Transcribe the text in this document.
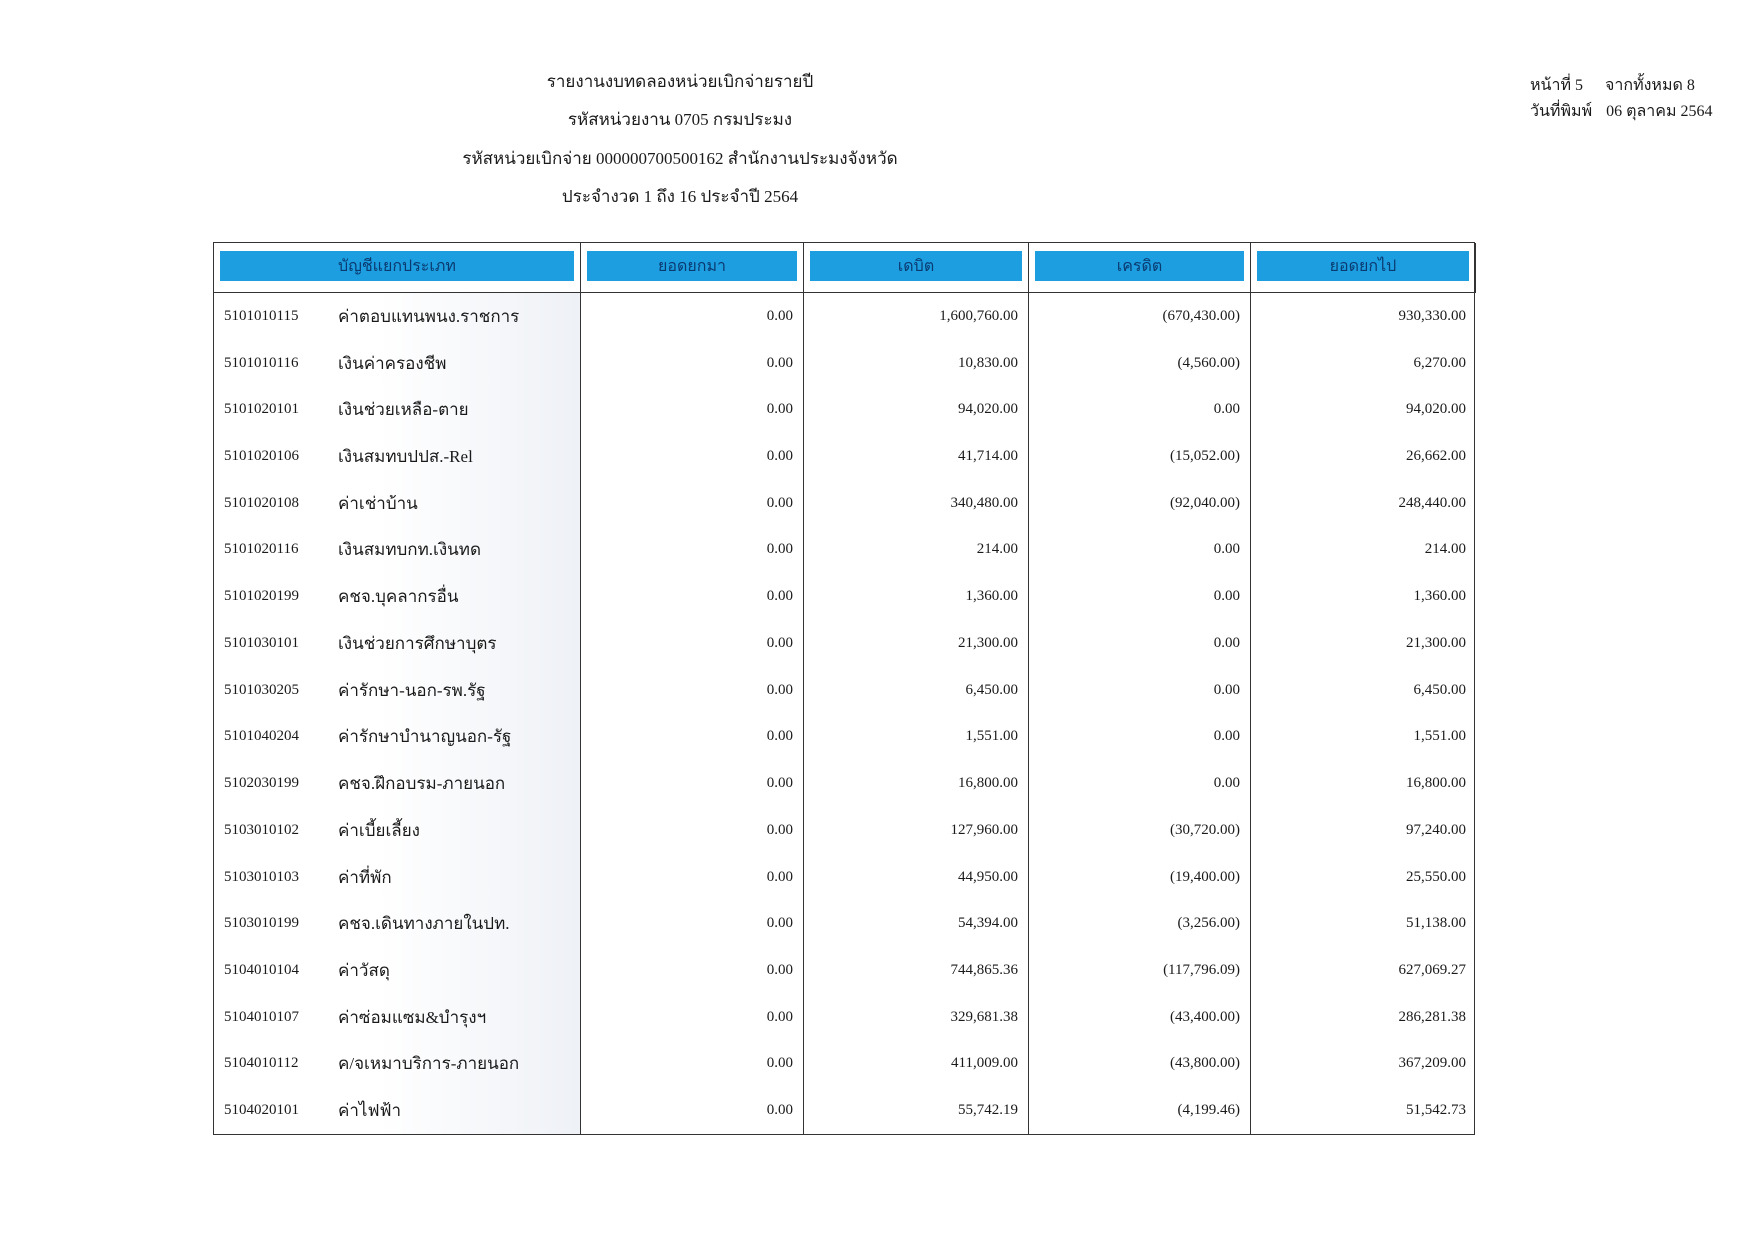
รายงานงบทดลองหน่วยเบิกจ่ายรายปี
รหัสหน่วยงาน 0705 กรมประมง
รหัสหน่วยเบิกจ่าย 000000700500162 สำนักงานประมงจังหวัด
ประจำงวด 1 ถึง 16 ประจำปี 2564
หน้าที่ 5 จากทั้งหมด 8
วันที่พิมพ์ 06 ตุลาคม 2564
บัญชีแยกประเภท	ยอดยกมา	เดบิต	เครดิต	ยอดยกไป
5101010115	ค่าตอบแทนพนง.ราชการ	0.00	1,600,760.00	(670,430.00)	930,330.00
5101010116	เงินค่าครองชีพ	0.00	10,830.00	(4,560.00)	6,270.00
5101020101	เงินช่วยเหลือ-ตาย	0.00	94,020.00	0.00	94,020.00
5101020106	เงินสมทบปปส.-Rel	0.00	41,714.00	(15,052.00)	26,662.00
5101020108	ค่าเช่าบ้าน	0.00	340,480.00	(92,040.00)	248,440.00
5101020116	เงินสมทบกท.เงินทด	0.00	214.00	0.00	214.00
5101020199	คชจ.บุคลากรอื่น	0.00	1,360.00	0.00	1,360.00
5101030101	เงินช่วยการศึกษาบุตร	0.00	21,300.00	0.00	21,300.00
5101030205	ค่ารักษา-นอก-รพ.รัฐ	0.00	6,450.00	0.00	6,450.00
5101040204	ค่ารักษาบำนาญนอก-รัฐ	0.00	1,551.00	0.00	1,551.00
5102030199	คชจ.ฝึกอบรม-ภายนอก	0.00	16,800.00	0.00	16,800.00
5103010102	ค่าเบี้ยเลี้ยง	0.00	127,960.00	(30,720.00)	97,240.00
5103010103	ค่าที่พัก	0.00	44,950.00	(19,400.00)	25,550.00
5103010199	คชจ.เดินทางภายในปท.	0.00	54,394.00	(3,256.00)	51,138.00
5104010104	ค่าวัสดุ	0.00	744,865.36	(117,796.09)	627,069.27
5104010107	ค่าซ่อมแซม&บำรุงฯ	0.00	329,681.38	(43,400.00)	286,281.38
5104010112	ค/จเหมาบริการ-ภายนอก	0.00	411,009.00	(43,800.00)	367,209.00
5104020101	ค่าไฟฟ้า	0.00	55,742.19	(4,199.46)	51,542.73
